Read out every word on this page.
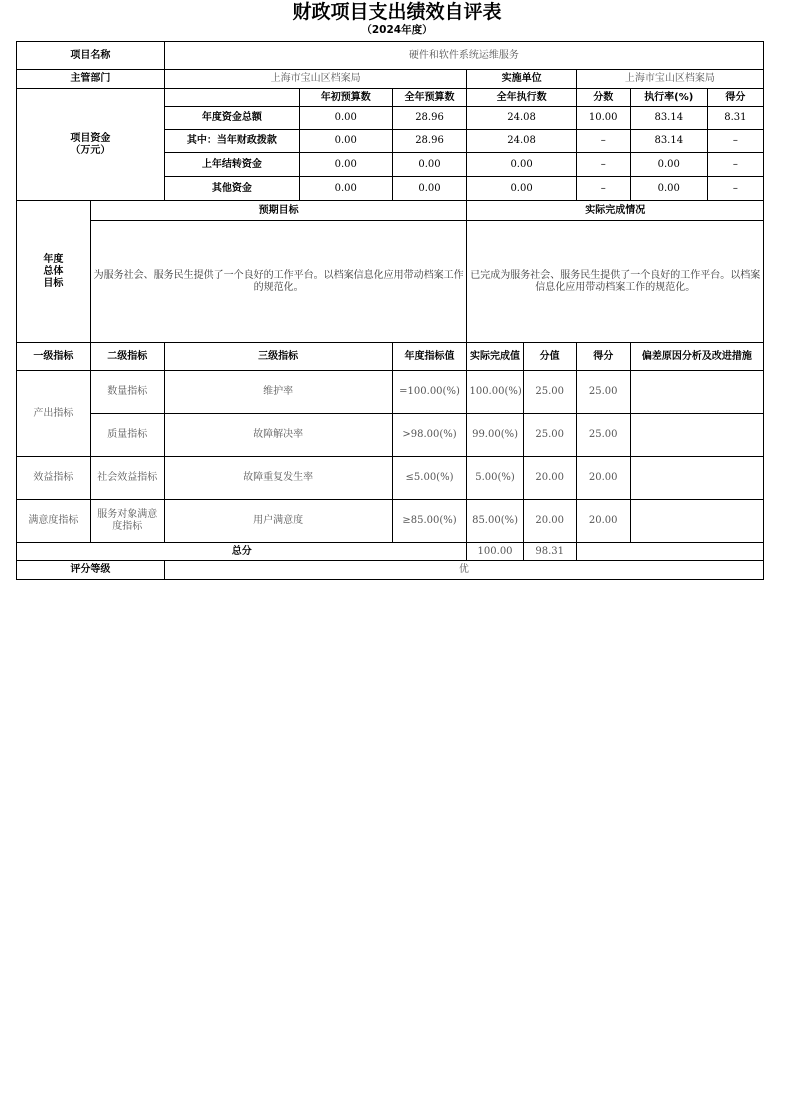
财政项目支出绩效自评表
（2024年度）
项目名称		硬件和软件系统运维服务							
主管部门		上海市宝山区档案局			实施单位		上海市宝山区档案局		

项目资金
（万元）			年初预算数	全年预算数	全年执行数		分数	执行率(%)	得分
		年度资金总额	0.00	28.96	24.08		10.00	83.14	8.31
		其中：当年财政拨款	0.00	28.96	24.08		–	83.14	–
		上年结转资金	0.00	0.00	0.00		–	0.00	–
		其他资金	0.00	0.00	0.00		–	0.00	–

年度
总体
目标	预期目标				实际完成情况				
	为服务社会、服务民生提供了一个良好的工作平台。以档案信息化应用带动档案工作的规范化。				已完成为服务社会、服务民生提供了一个良好的工作平台。以档案信息化应用带动档案工作的规范化。				
一级指标	二级指标	三级指标		年度指标值	实际完成值	分值	得分	偏差原因分析及改进措施	
产出指标	数量指标	维护率		=100.00(%)	100.00(%)	25.00	25.00		
	质量指标	故障解决率		>98.00(%)	99.00(%)	25.00	25.00		
效益指标	社会效益指标	故障重复发生率		≤5.00(%)	5.00(%)	20.00	20.00		
满意度指标	服务对象满意度指标	用户满意度		≥85.00(%)	85.00(%)	20.00	20.00		
总分					100.00	98.31			
评分等级		优							
